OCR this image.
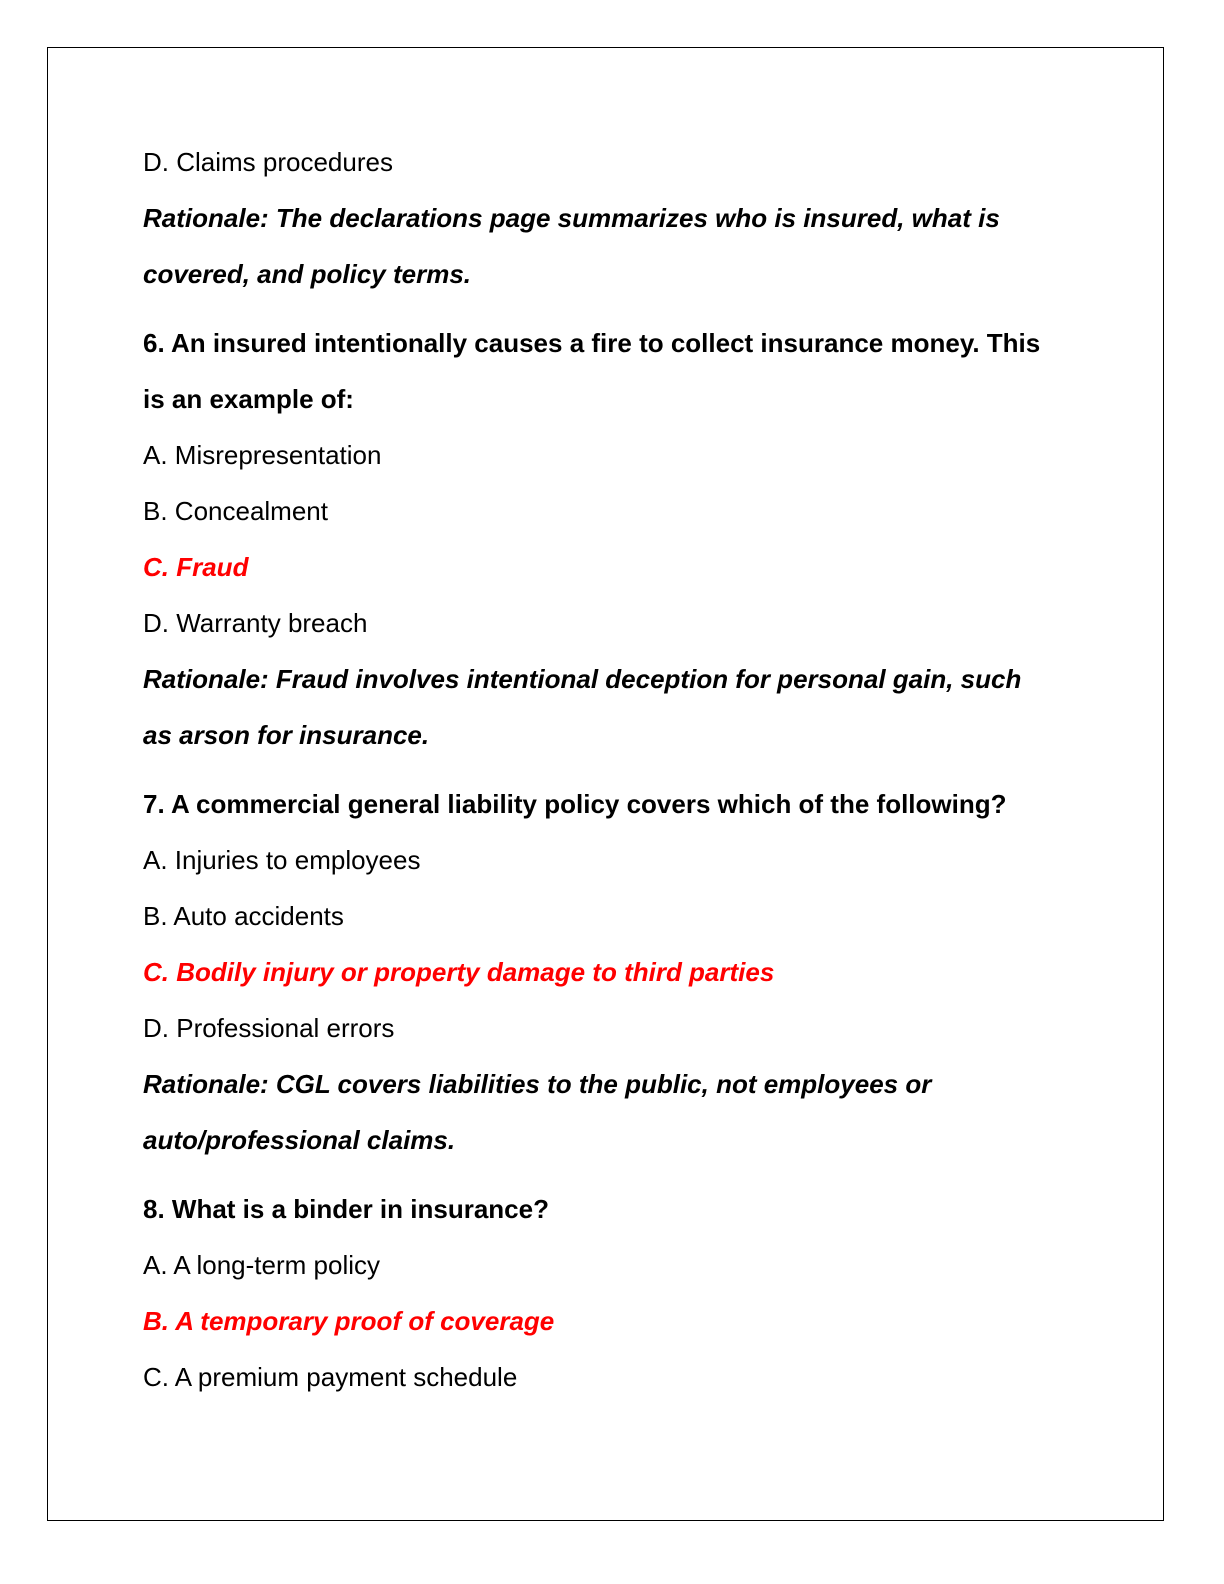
D. Claims procedures
Rationale: The declarations page summarizes who is insured, what is
covered, and policy terms.
6. An insured intentionally causes a fire to collect insurance money. This
is an example of:
A. Misrepresentation
B. Concealment
C. Fraud
D. Warranty breach
Rationale: Fraud involves intentional deception for personal gain, such
as arson for insurance.
7. A commercial general liability policy covers which of the following?
A. Injuries to employees
B. Auto accidents
C. Bodily injury or property damage to third parties
D. Professional errors
Rationale: CGL covers liabilities to the public, not employees or
auto/professional claims.
8. What is a binder in insurance?
A. A long-term policy
B. A temporary proof of coverage
C. A premium payment schedule
